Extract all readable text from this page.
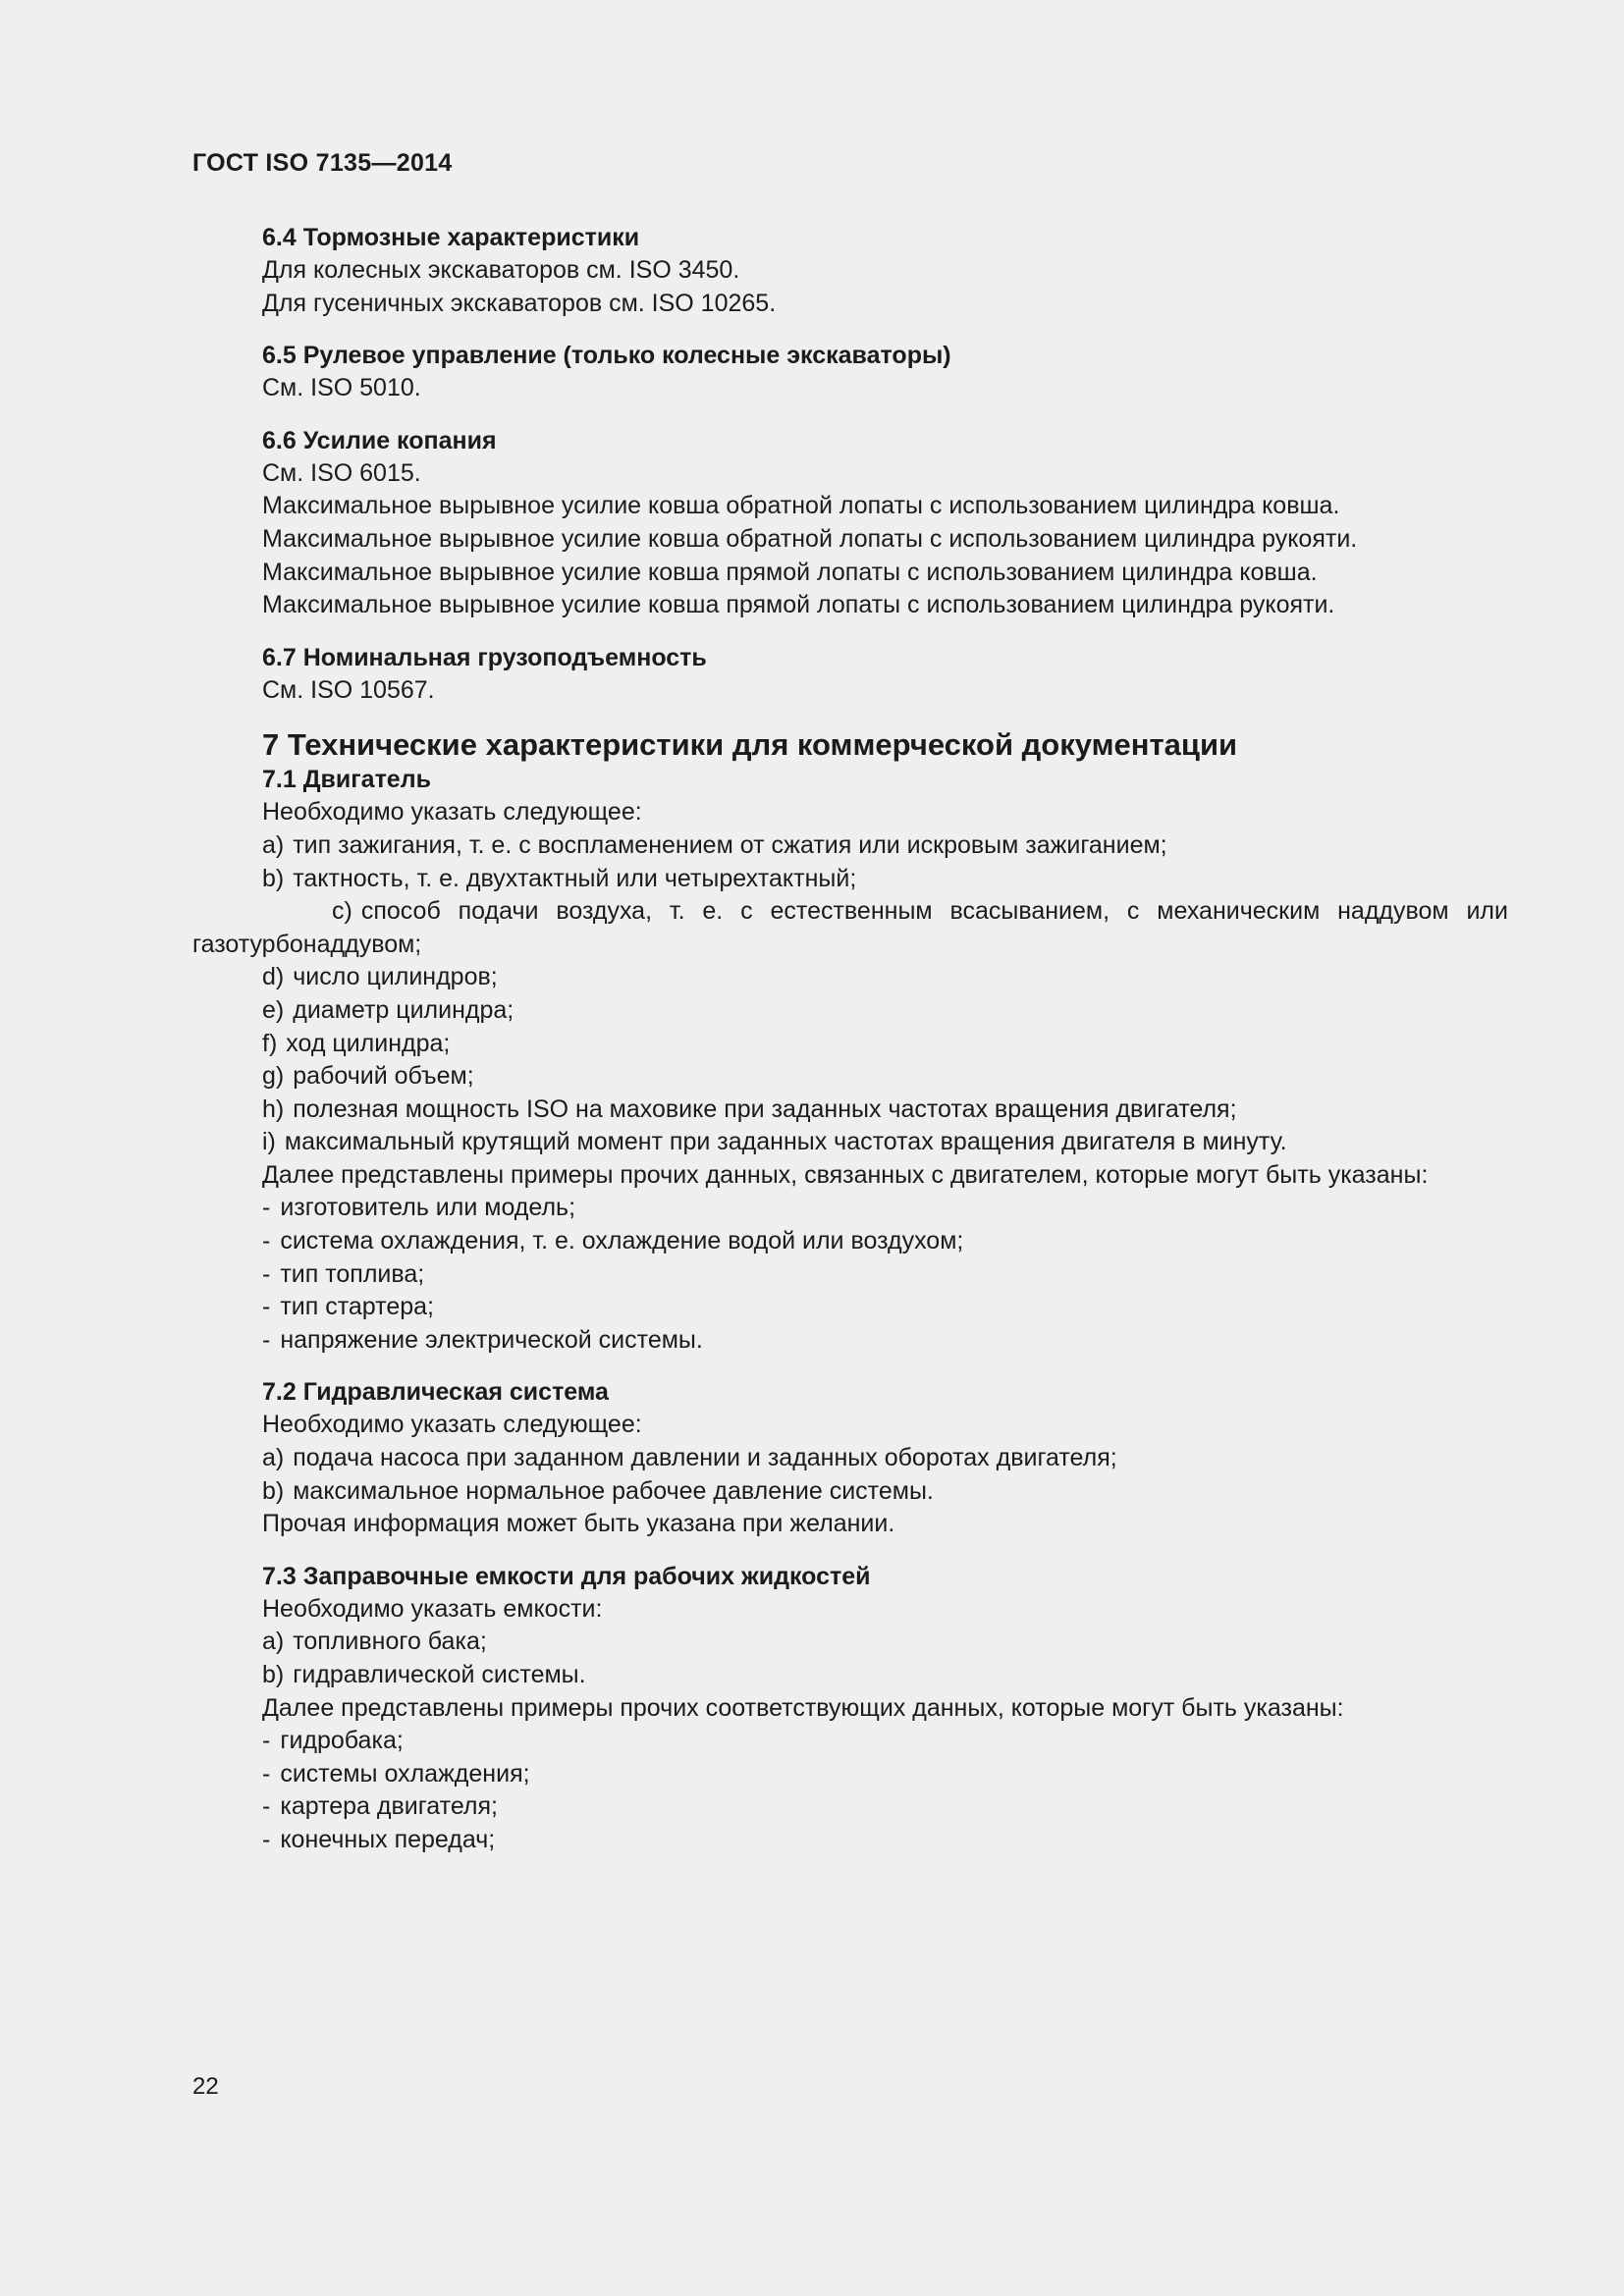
ГОСТ ISO 7135—2014

6.4 Тормозные характеристики

Для колесных экскаваторов см. ISO 3450.

Для гусеничных экскаваторов см. ISO 10265.

6.5 Рулевое управление (только колесные экскаваторы)

См. ISO 5010.

6.6 Усилие копания

См. ISO 6015.

Максимальное вырывное усилие ковша обратной лопаты с использованием цилиндра ковша.

Максимальное вырывное усилие ковша обратной лопаты с использованием цилиндра рукояти.

Максимальное вырывное усилие ковша прямой лопаты с использованием цилиндра ковша.

Максимальное вырывное усилие ковша прямой лопаты с использованием цилиндра рукояти.

6.7 Номинальная грузоподъемность

См. ISO 10567.

7 Технические характеристики для коммерческой документации

7.1 Двигатель

Необходимо указать следующее:

а) тип зажигания, т. е. с воспламенением от сжатия или искровым зажиганием;

b) тактность, т. е. двухтактный или четырехтактный;

с) способ подачи воздуха, т. е. с естественным всасыванием, с механическим наддувом или газотурбонаддувом;

d) число цилиндров;

е) диаметр цилиндра;

f) ход цилиндра;

g) рабочий объем;

h) полезная мощность ISO на маховике при заданных частотах вращения двигателя;

i) максимальный крутящий момент при заданных частотах вращения двигателя в минуту.

Далее представлены примеры прочих данных, связанных с двигателем, которые могут быть указаны:

- изготовитель или модель;

- система охлаждения, т. е. охлаждение водой или воздухом;

- тип топлива;

- тип стартера;

- напряжение электрической системы.

7.2 Гидравлическая система

Необходимо указать следующее:

а) подача насоса при заданном давлении и заданных оборотах двигателя;

b) максимальное нормальное рабочее давление системы.

Прочая информация может быть указана при желании.

7.3 Заправочные емкости для рабочих жидкостей

Необходимо указать емкости:

а) топливного бака;

b) гидравлической системы.

Далее представлены примеры прочих соответствующих данных, которые могут быть указаны:

- гидробака;

- системы охлаждения;

- картера двигателя;

- конечных передач;

22
